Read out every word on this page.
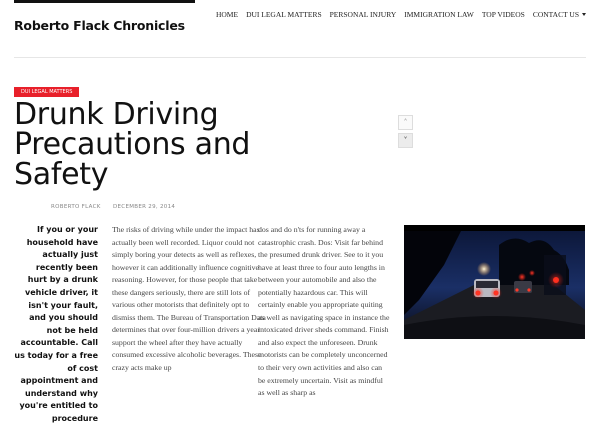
Roberto Flack Chronicles
HOME DUI LEGAL MATTERS PERSONAL INJURY IMMIGRATION LAW TOP VIDEOS CONTACT US
DUI LEGAL MATTERS
Drunk Driving Precautions and Safety
˄
˅
ROBERTO FLACK DECEMBER 29, 2014
If you or your household have actually just recently been hurt by a drunk vehicle driver, it isn't your fault, and you should not be held accountable. Call us today for a free of cost appointment and understand why you're entitled to procedure
The risks of driving while under the impact has actually been well recorded. Liquor could not simply boring your detects as well as reflexes, however it can additionally influence cognitive reasoning. However, for those people that take these dangers seriously, there are still lots of various other motorists that definitely opt to dismiss them. The Bureau of Transportation Data determines that over four-million drivers a year support the wheel after they have actually consumed excessive alcoholic beverages. These crazy acts make up
dos and do n'ts for running away a catastrophic crash. Dos: Visit far behind the presumed drunk driver. See to it you have at least three to four auto lengths in between your automobile and also the potentially hazardous car. This will certainly enable you appropriate quiting as well as navigating space in instance the intoxicated driver sheds command. Finish and also expect the unforeseen. Drunk motorists can be completely unconcerned to their very own activities and also can be extremely uncertain. Visit as mindful as well as sharp as
